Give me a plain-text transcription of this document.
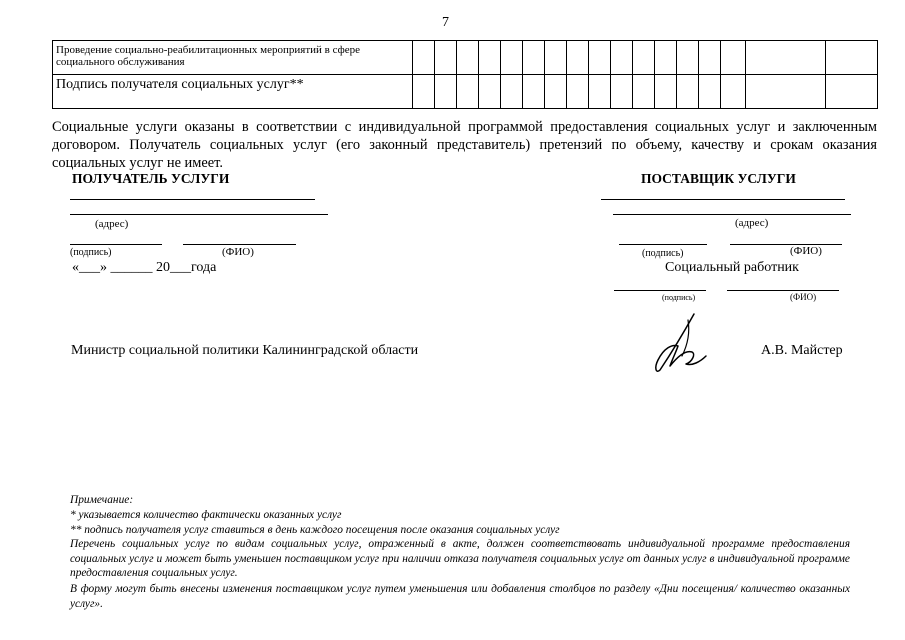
7
Проведение социально-реабилитационных мероприятий в сфере социального обслуживания																	
Подпись получателя социальных услуг**																	
Социальные услуги оказаны в соответствии с индивидуальной программой предоставления социальных услуг и заключенным договором. Получатель социальных услуг (его законный представитель) претензий по объему, качеству и срокам оказания социальных услуг не имеет.
ПОЛУЧАТЕЛЬ УСЛУГИ
(адрес)
(подпись)	(ФИО)
«___» ______ 20___года
ПОСТАВЩИК УСЛУГИ
(адрес)
(подпись)	(ФИО)
Социальный работник
(подпись)	(ФИО)
Министр социальной политики Калининградской области	А.В. Майстер
Примечание:
* указывается количество фактически оказанных услуг
** подпись получателя услуг ставиться в день каждого посещения после оказания социальных услуг
Перечень социальных услуг по видам социальных услуг, отраженный в акте, должен соответствовать индивидуальной программе предоставления социальных услуг и может быть уменьшен поставщиком услуг при наличии отказа получателя социальных услуг от данных услуг в индивидуальной программе предоставления социальных услуг.
В форму могут быть внесены изменения поставщиком услуг путем уменьшения или добавления столбцов по разделу «Дни посещения/ количество оказанных услуг».
